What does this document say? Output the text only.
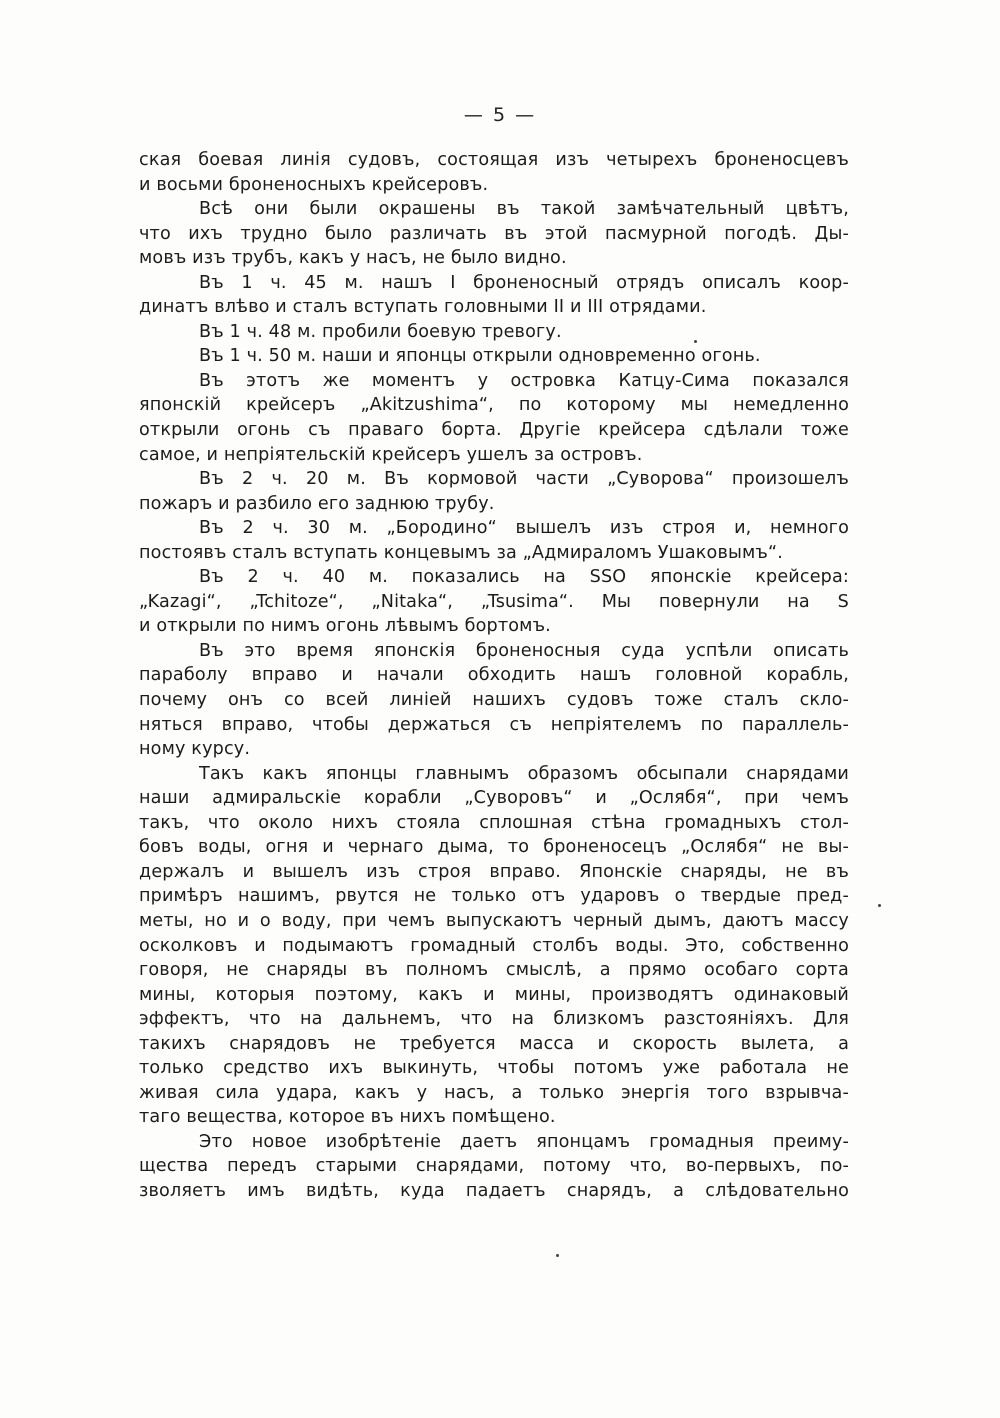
— 5 —
ская боевая линія судовъ, состоящая изъ четырехъ броненосцевъ
и восьми броненосныхъ крейсеровъ.
Всѣ они были окрашены въ такой замѣчательный цвѣтъ,
что ихъ трудно было различать въ этой пасмурной погодѣ. Ды-
мовъ изъ трубъ, какъ у насъ, не было видно.
Въ 1 ч. 45 м. нашъ I броненосный отрядъ описалъ коор-
динатъ влѣво и сталъ вступать головными II и III отрядами.
Въ 1 ч. 48 м. пробили боевую тревогу.
Въ 1 ч. 50 м. наши и японцы открыли одновременно огонь.
Въ этотъ же моментъ у островка Катцу-Сима показался
японскій крейсеръ „Akitzushima“, по которому мы немедленно
открыли огонь съ праваго борта. Другіе крейсера сдѣлали тоже
самое, и непріятельскій крейсеръ ушелъ за островъ.
Въ 2 ч. 20 м. Въ кормовой части „Суворова“ произошелъ
пожаръ и разбило его заднюю трубу.
Въ 2 ч. 30 м. „Бородино“ вышелъ изъ строя и, немного
постоявъ сталъ вступать концевымъ за „Адмираломъ Ушаковымъ“.
Въ 2 ч. 40 м. показались на SSO японскіе крейсера:
„Kazagi“, „Tchitoze“, „Nitaka“, „Tsusima“. Мы повернули на S
и открыли по нимъ огонь лѣвымъ бортомъ.
Въ это время японскія броненосныя суда успѣли описать
параболу вправо и начали обходить нашъ головной корабль,
почему онъ со всей линіей нашихъ судовъ тоже сталъ скло-
няться вправо, чтобы держаться съ непріятелемъ по параллель-
ному курсу.
Такъ какъ японцы главнымъ образомъ обсыпали снарядами
наши адмиральскіе корабли „Суворовъ“ и „Ослябя“, при чемъ
такъ, что около нихъ стояла сплошная стѣна громадныхъ стол-
бовъ воды, огня и чернаго дыма, то броненосецъ „Ослябя“ не вы-
держалъ и вышелъ изъ строя вправо. Японскіе снаряды, не въ
примѣръ нашимъ, рвутся не только отъ ударовъ о твердые пред-
меты, но и о воду, при чемъ выпускаютъ черный дымъ, даютъ массу
осколковъ и подымаютъ громадный столбъ воды. Это, собственно
говоря, не снаряды въ полномъ смыслѣ, а прямо особаго сорта
мины, которыя поэтому, какъ и мины, производятъ одинаковый
эффектъ, что на дальнемъ, что на близкомъ разстояніяхъ. Для
такихъ снарядовъ не требуется масса и скорость вылета, а
только средство ихъ выкинуть, чтобы потомъ уже работала не
живая сила удара, какъ у насъ, а только энергія того взрывча-
таго вещества, которое въ нихъ помѣщено.
Это новое изобрѣтеніе даетъ японцамъ громадныя преиму-
щества передъ старыми снарядами, потому что, во-первыхъ, по-
зволяетъ имъ видѣть, куда падаетъ снарядъ, а слѣдовательно
